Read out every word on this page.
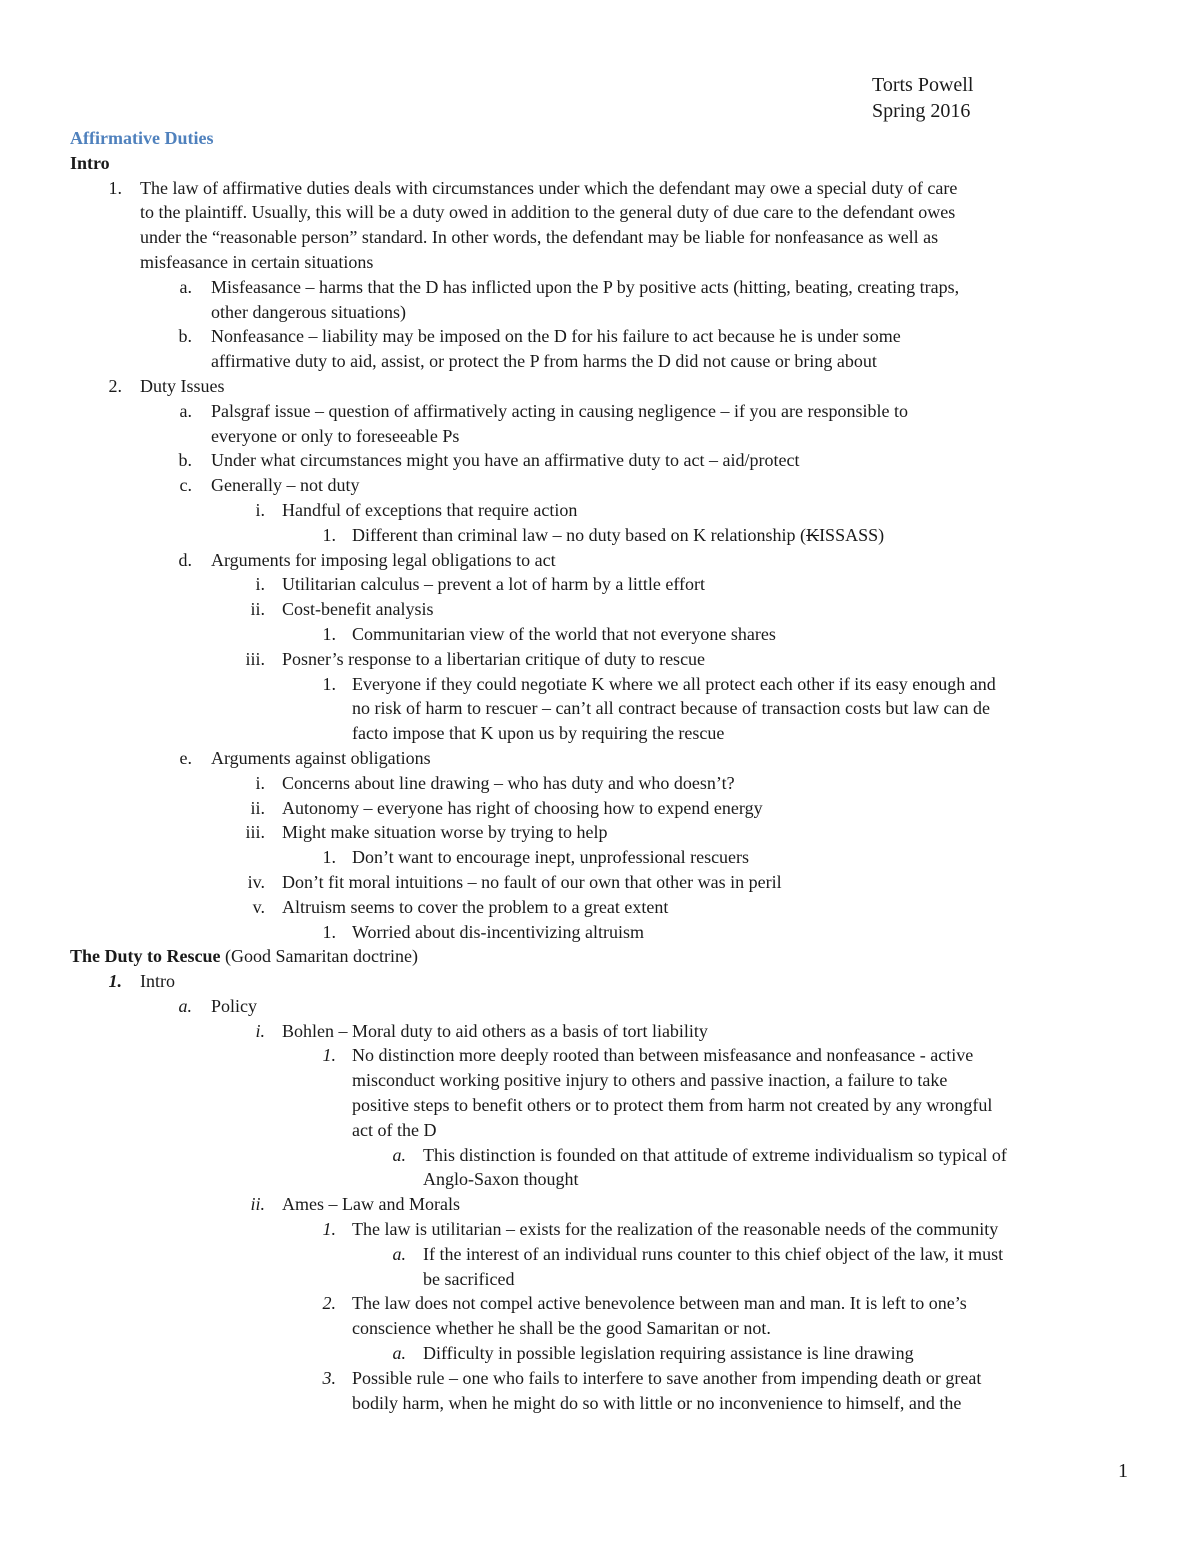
Torts Powell
Spring 2016
Affirmative Duties
Intro
1. The law of affirmative duties deals with circumstances under which the defendant may owe a special duty of care
to the plaintiff. Usually, this will be a duty owed in addition to the general duty of due care to the defendant owes
under the “reasonable person” standard. In other words, the defendant may be liable for nonfeasance as well as
misfeasance in certain situations
a. Misfeasance – harms that the D has inflicted upon the P by positive acts (hitting, beating, creating traps,
other dangerous situations)
b. Nonfeasance – liability may be imposed on the D for his failure to act because he is under some
affirmative duty to aid, assist, or protect the P from harms the D did not cause or bring about
2. Duty Issues
a. Palsgraf issue – question of affirmatively acting in causing negligence – if you are responsible to
everyone or only to foreseeable Ps
b. Under what circumstances might you have an affirmative duty to act – aid/protect
c. Generally – not duty
i. Handful of exceptions that require action
1. Different than criminal law – no duty based on K relationship (KISSASS)
d. Arguments for imposing legal obligations to act
i. Utilitarian calculus – prevent a lot of harm by a little effort
ii. Cost-benefit analysis
1. Communitarian view of the world that not everyone shares
iii. Posner’s response to a libertarian critique of duty to rescue
1. Everyone if they could negotiate K where we all protect each other if its easy enough and
no risk of harm to rescuer – can’t all contract because of transaction costs but law can de
facto impose that K upon us by requiring the rescue
e. Arguments against obligations
i. Concerns about line drawing – who has duty and who doesn’t?
ii. Autonomy – everyone has right of choosing how to expend energy
iii. Might make situation worse by trying to help
1. Don’t want to encourage inept, unprofessional rescuers
iv. Don’t fit moral intuitions – no fault of our own that other was in peril
v. Altruism seems to cover the problem to a great extent
1. Worried about dis-incentivizing altruism
The Duty to Rescue (Good Samaritan doctrine)
1. Intro
a. Policy
i. Bohlen – Moral duty to aid others as a basis of tort liability
1. No distinction more deeply rooted than between misfeasance and nonfeasance - active
misconduct working positive injury to others and passive inaction, a failure to take
positive steps to benefit others or to protect them from harm not created by any wrongful
act of the D
a. This distinction is founded on that attitude of extreme individualism so typical of
Anglo-Saxon thought
ii. Ames – Law and Morals
1. The law is utilitarian – exists for the realization of the reasonable needs of the community
a. If the interest of an individual runs counter to this chief object of the law, it must
be sacrificed
2. The law does not compel active benevolence between man and man. It is left to one’s
conscience whether he shall be the good Samaritan or not.
a. Difficulty in possible legislation requiring assistance is line drawing
3. Possible rule – one who fails to interfere to save another from impending death or great
bodily harm, when he might do so with little or no inconvenience to himself, and the
1
